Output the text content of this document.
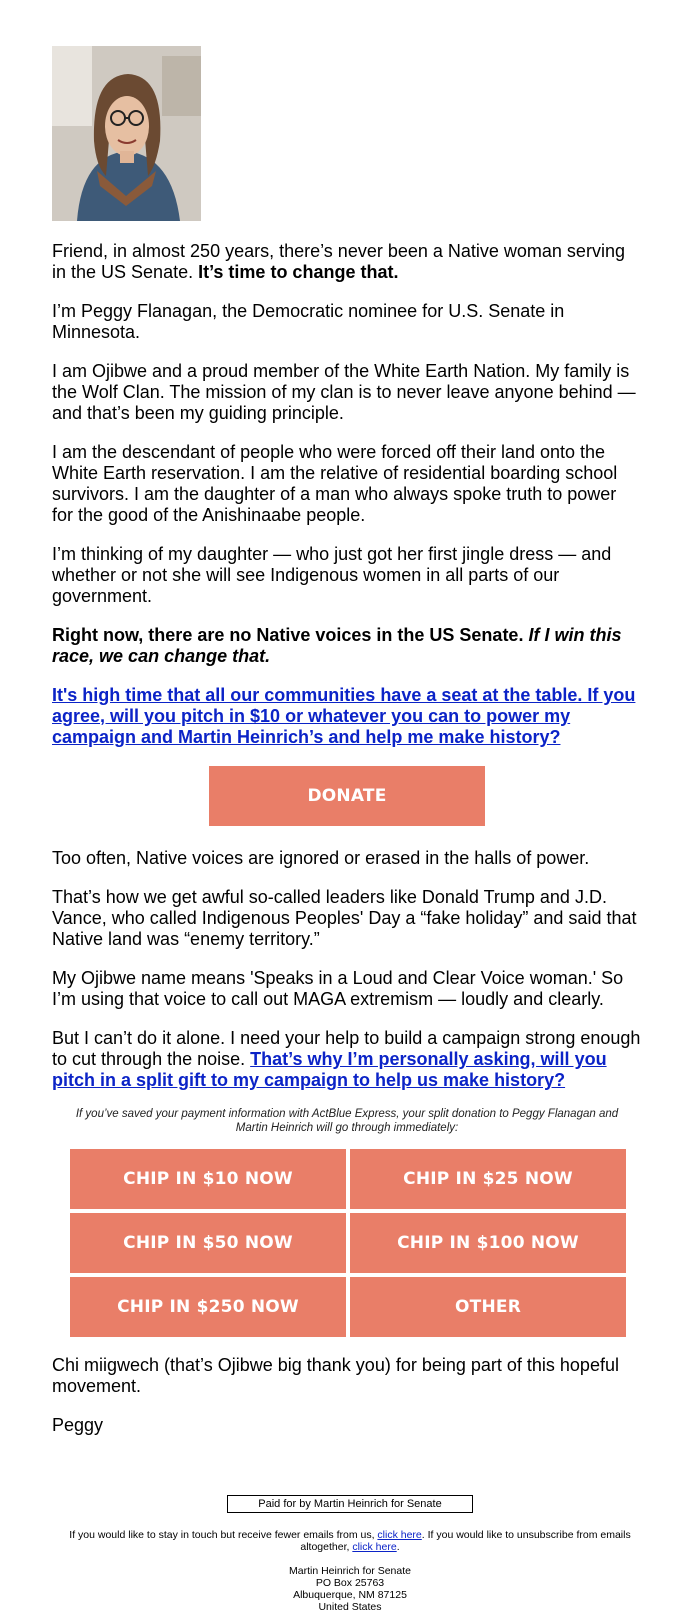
Friend, in almost 250 years, there’s never been a Native woman serving in the US Senate. It’s time to change that.

I’m Peggy Flanagan, the Democratic nominee for U.S. Senate in Minnesota.

I am Ojibwe and a proud member of the White Earth Nation. My family is the Wolf Clan. The mission of my clan is to never leave anyone behind — and that’s been my guiding principle.

I am the descendant of people who were forced off their land onto the White Earth reservation. I am the relative of residential boarding school survivors. I am the daughter of a man who always spoke truth to power for the good of the Anishinaabe people.

I’m thinking of my daughter — who just got her first jingle dress — and whether or not she will see Indigenous women in all parts of our government.

Right now, there are no Native voices in the US Senate. If I win this race, we can change that.

It's high time that all our communities have a seat at the table. If you agree, will you pitch in $10 or whatever you can to power my campaign and Martin Heinrich’s and help me make history?

DONATE

Too often, Native voices are ignored or erased in the halls of power.

That’s how we get awful so-called leaders like Donald Trump and J.D. Vance, who called Indigenous Peoples' Day a “fake holiday” and said that Native land was “enemy territory.”

My Ojibwe name means 'Speaks in a Loud and Clear Voice woman.' So I’m using that voice to call out MAGA extremism — loudly and clearly.

But I can’t do it alone. I need your help to build a campaign strong enough to cut through the noise. That’s why I’m personally asking, will you pitch in a split gift to my campaign to help us make history?

If you’ve saved your payment information with ActBlue Express, your split donation to Peggy Flanagan and Martin Heinrich will go through immediately:

CHIP IN $10 NOW	CHIP IN $25 NOW
CHIP IN $50 NOW	CHIP IN $100 NOW
CHIP IN $250 NOW	OTHER

Chi miigwech (that’s Ojibwe big thank you) for being part of this hopeful movement.

Peggy

Paid for by Martin Heinrich for Senate
If you would like to stay in touch but receive fewer emails from us, click here. If you would like to unsubscribe from emails altogether, click here.
Martin Heinrich for Senate
PO Box 25763
Albuquerque, NM 87125
United States
